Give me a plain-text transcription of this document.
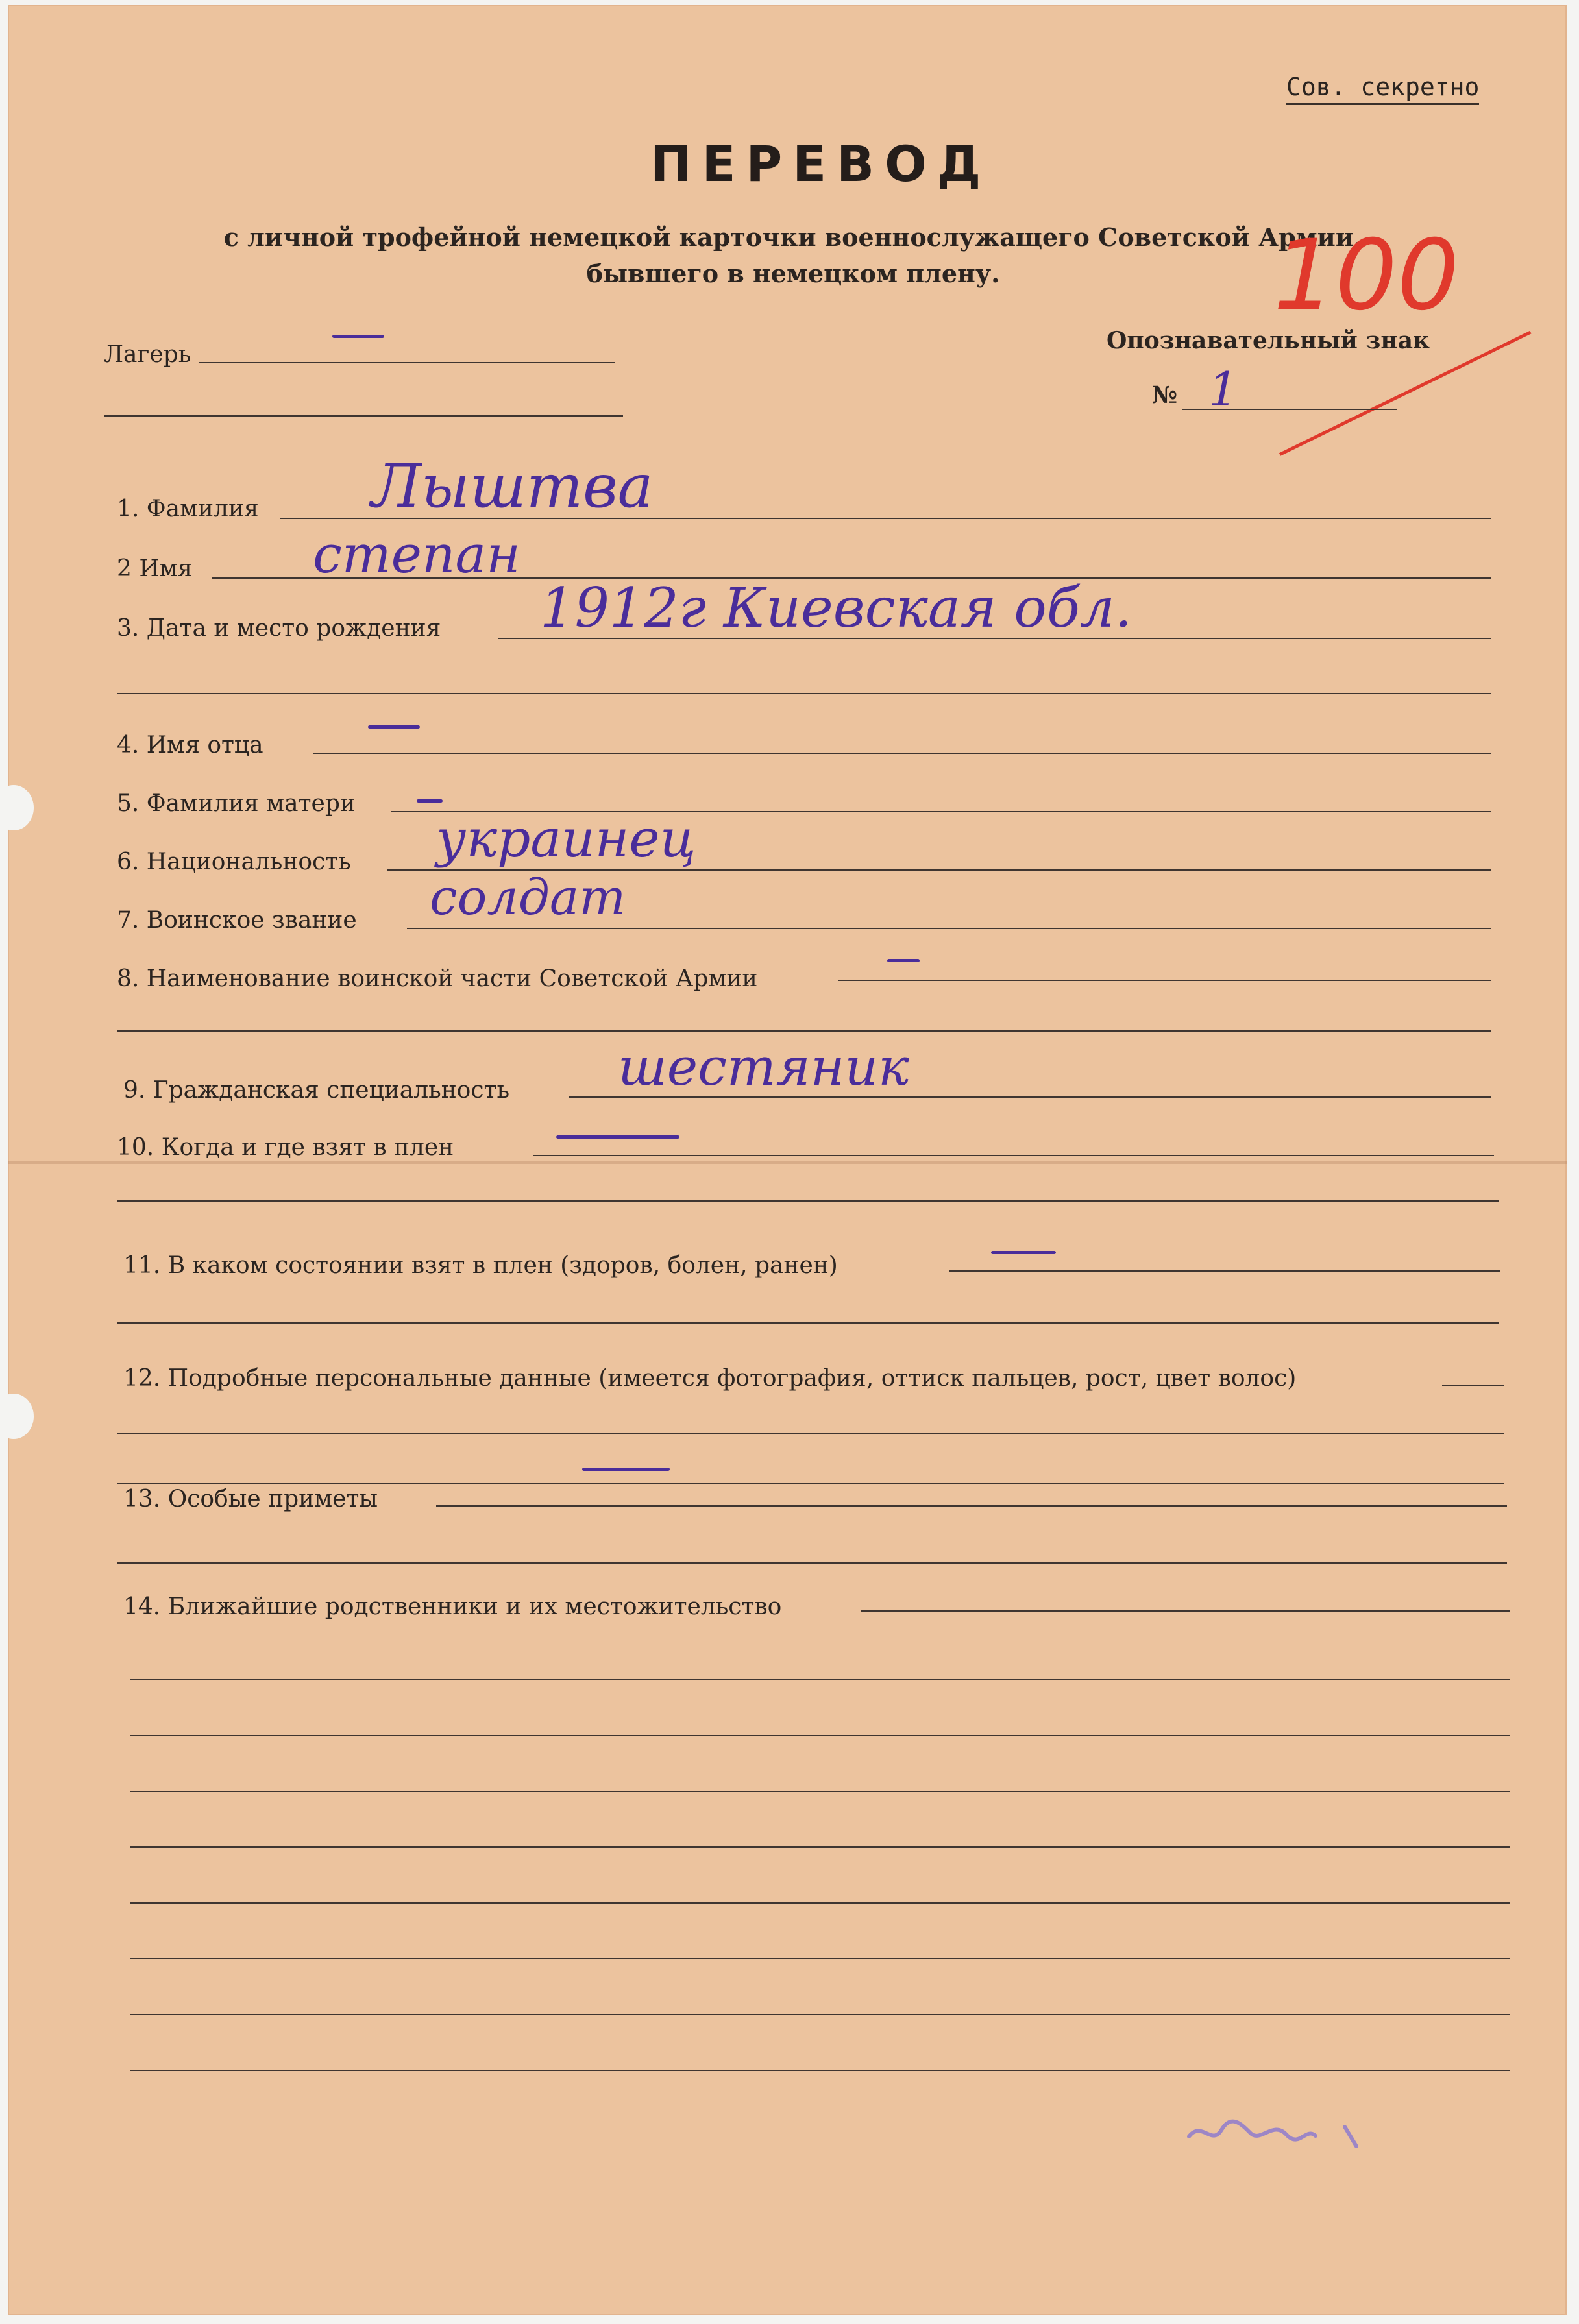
Сов. секретно
ПЕРЕВОД
с личной трофейной немецкой карточки военнослужащего Советской Армии,
бывшего в немецком плену.	100
Лагерь
Опознавательный знак
№ 1
1. Фамилия Лыштва
2 Имя степан
3. Дата и место рождения 1912г Киевская обл.
4. Имя отца
5. Фамилия матери
6. Национальность украинец
7. Воинское звание солдат
8. Наименование воинской части Советской Армии
9. Гражданская специальность шестяник
10. Когда и где взят в плен
11. В каком состоянии взят в плен (здоров, болен, ранен)
12. Подробные персональные данные (имеется фотография, оттиск пальцев, рост, цвет волос)
13. Особые приметы
14. Ближайшие родственники и их местожительство
